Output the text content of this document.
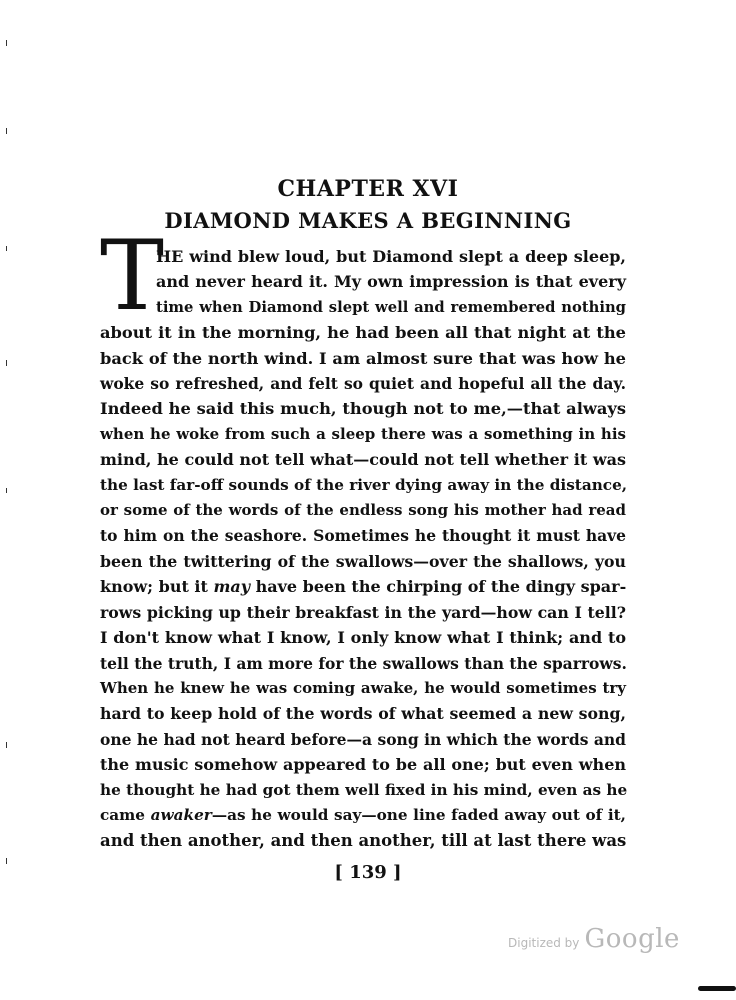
CHAPTER XVI
DIAMOND MAKES A BEGINNING
T
HE wind blew loud, but Diamond slept a deep sleep,
and never heard it. My own impression is that every
time when Diamond slept well and remembered nothing
about it in the morning, he had been all that night at the
back of the north wind. I am almost sure that was how he
woke so refreshed, and felt so quiet and hopeful all the day.
Indeed he said this much, though not to me,—that always
when he woke from such a sleep there was a something in his
mind, he could not tell what—could not tell whether it was
the last far-off sounds of the river dying away in the distance,
or some of the words of the endless song his mother had read
to him on the seashore. Sometimes he thought it must have
been the twittering of the swallows—over the shallows, you
know; but it may have been the chirping of the dingy spar-
rows picking up their breakfast in the yard—how can I tell?
I don't know what I know, I only know what I think; and to
tell the truth, I am more for the swallows than the sparrows.
When he knew he was coming awake, he would sometimes try
hard to keep hold of the words of what seemed a new song,
one he had not heard before—a song in which the words and
the music somehow appeared to be all one; but even when
he thought he had got them well fixed in his mind, even as he
came awaker—as he would say—one line faded away out of it,
and then another, and then another, till at last there was
[ 139 ]
Digitized by Google
